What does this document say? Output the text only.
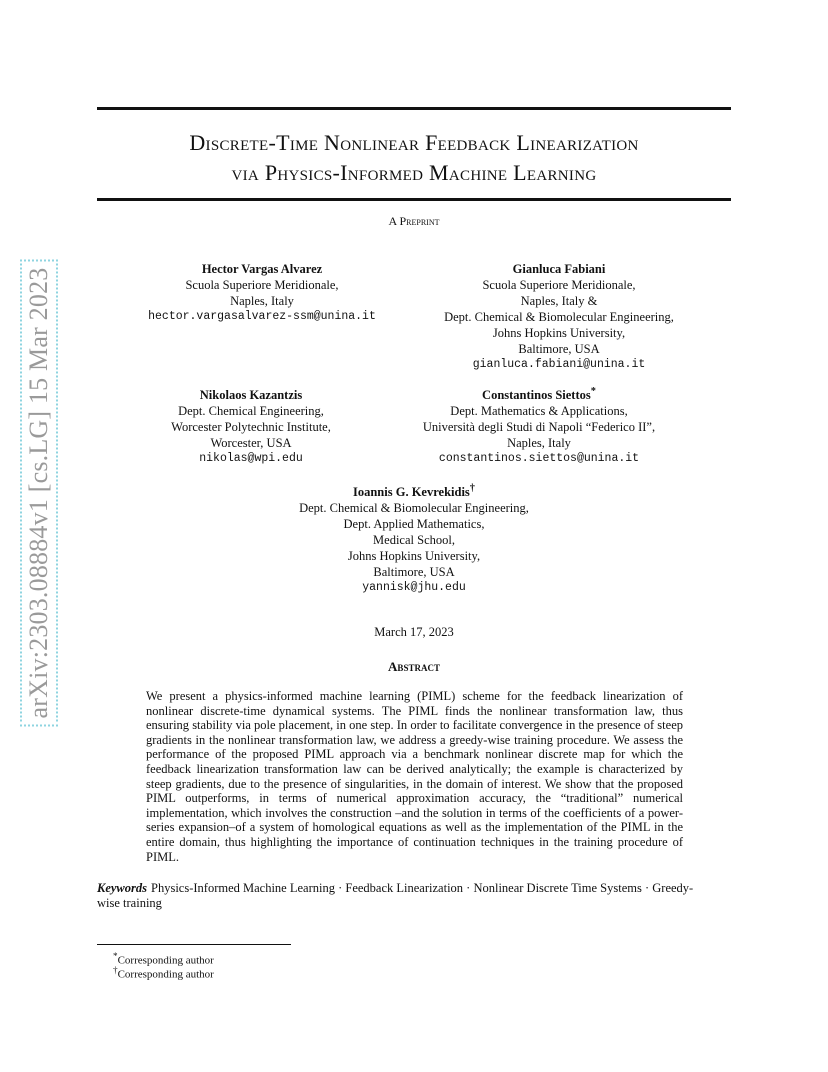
arXiv:2303.08884v1 [cs.LG] 15 Mar 2023
Discrete-Time Nonlinear Feedback Linearization
via Physics-Informed Machine Learning
A Preprint
Hector Vargas Alvarez
Scuola Superiore Meridionale,
Naples, Italy
hector.vargasalvarez-ssm@unina.it
Gianluca Fabiani
Scuola Superiore Meridionale,
Naples, Italy &
Dept. Chemical & Biomolecular Engineering,
Johns Hopkins University,
Baltimore, USA
gianluca.fabiani@unina.it
Nikolaos Kazantzis
Dept. Chemical Engineering,
Worcester Polytechnic Institute,
Worcester, USA
nikolas@wpi.edu
Constantinos Siettos*
Dept. Mathematics & Applications,
Università degli Studi di Napoli “Federico II”,
Naples, Italy
constantinos.siettos@unina.it
Ioannis G. Kevrekidis†
Dept. Chemical & Biomolecular Engineering,
Dept. Applied Mathematics,
Medical School,
Johns Hopkins University,
Baltimore, USA
yannisk@jhu.edu
March 17, 2023
Abstract
We present a physics-informed machine learning (PIML) scheme for the feedback linearization of nonlinear discrete-time dynamical systems. The PIML finds the nonlinear transformation law, thus ensuring stability via pole placement, in one step. In order to facilitate convergence in the presence of steep gradients in the nonlinear transformation law, we address a greedy-wise training procedure. We assess the performance of the proposed PIML approach via a benchmark nonlinear discrete map for which the feedback linearization transformation law can be derived analytically; the example is characterized by steep gradients, due to the presence of singularities, in the domain of interest. We show that the proposed PIML outperforms, in terms of numerical approximation accuracy, the “traditional” numerical implementation, which involves the construction –and the solution in terms of the coefficients of a power-series expansion–of a system of homological equations as well as the implementation of the PIML in the entire domain, thus highlighting the importance of continuation techniques in the training procedure of PIML.
Keywords Physics-Informed Machine Learning · Feedback Linearization · Nonlinear Discrete Time Systems · Greedy-wise training
*Corresponding author
†Corresponding author
